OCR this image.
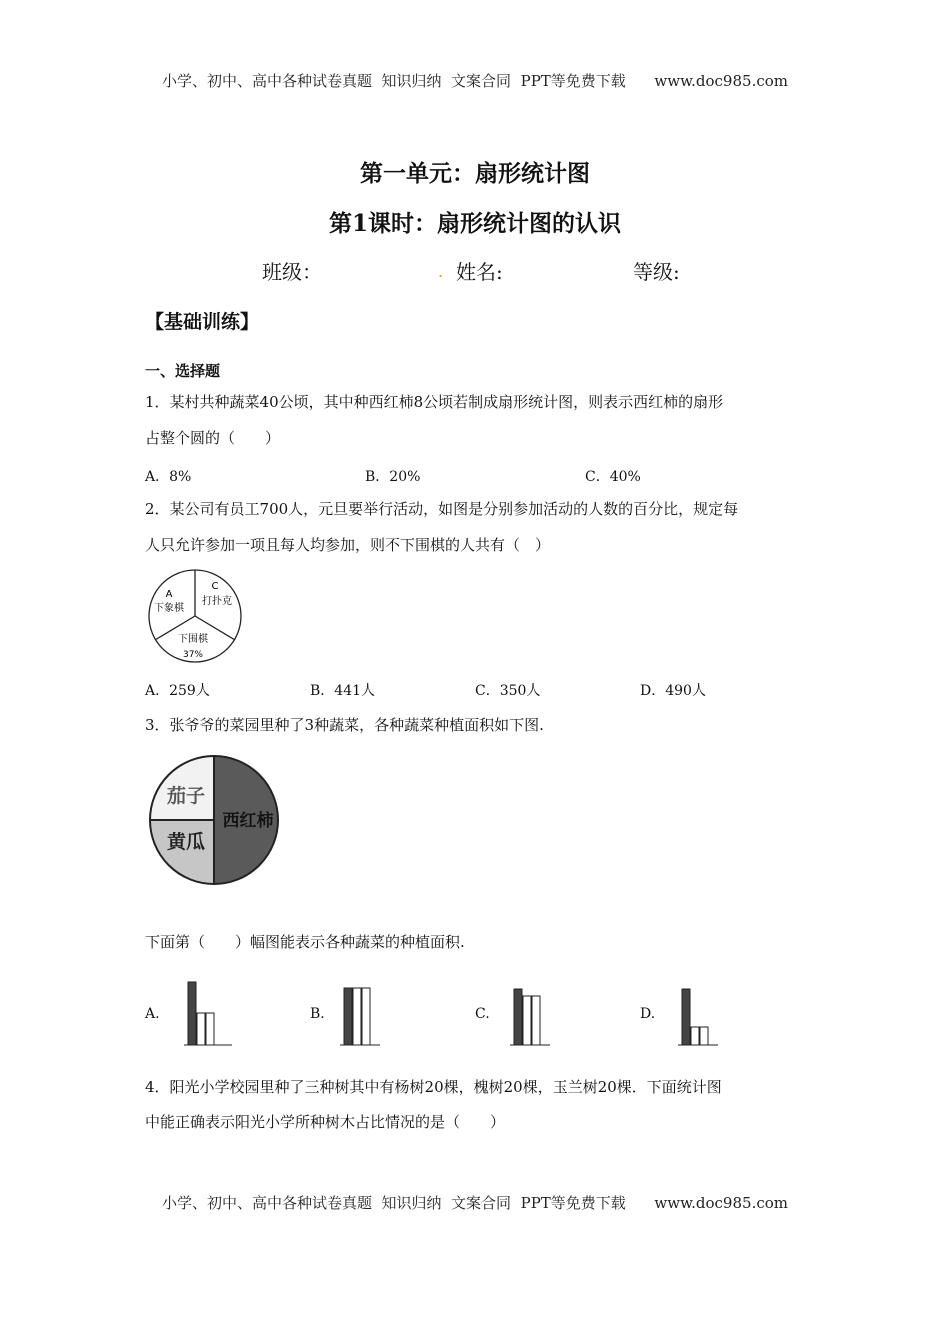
小学、初中、高中各种试卷真题  知识归纳  文案合同  PPT等免费下载      www.doc985.com
第一单元：扇形统计图
第1课时：扇形统计图的认识
班级：	. 姓名:	等级:
【基础训练】
一、选择题
1．某村共种蔬菜40公顷，其中种西红柿8公顷若制成扇形统计图，则表示西红柿的扇形
占整个圆的（　　）
A．8%	B．20%	C．40%
2．某公司有员工700人，元旦要举行活动，如图是分别参加活动的人数的百分比，规定每
人只允许参加一项且每人均参加，则不下围棋的人共有（　）
A
下象棋
C
打扑克
下围棋
37%
A．259人	B．441人	C．350人	D．490人
3．张爷爷的菜园里种了3种蔬菜，各种蔬菜种植面积如下图.
茄子
西红柿
黄瓜
下面第（　　）幅图能表示各种蔬菜的种植面积.
A.	B.	C.	D.
4．阳光小学校园里种了三种树其中有杨树20棵，槐树20棵，玉兰树20棵．下面统计图
中能正确表示阳光小学所种树木占比情况的是（　　）
小学、初中、高中各种试卷真题  知识归纳  文案合同  PPT等免费下载      www.doc985.com
